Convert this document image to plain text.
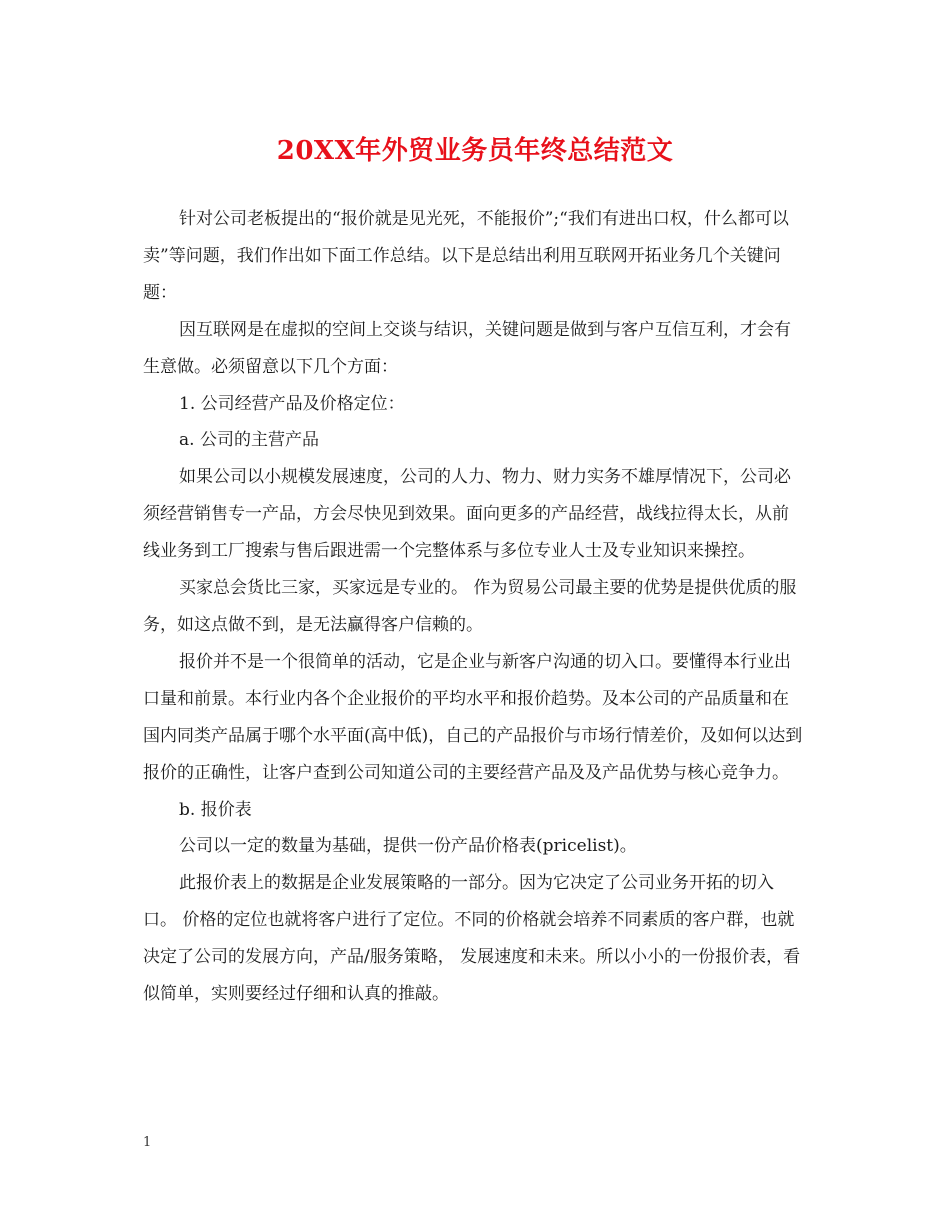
20XX年外贸业务员年终总结范文

针对公司老板提出的“报价就是见光死，不能报价”;“我们有进出口权，什么都可以卖”等问题，我们作出如下面工作总结。以下是总结出利用互联网开拓业务几个关键问题：

因互联网是在虚拟的空间上交谈与结识，关键问题是做到与客户互信互利，才会有生意做。必须留意以下几个方面：

1. 公司经营产品及价格定位：

a. 公司的主营产品

如果公司以小规模发展速度，公司的人力、物力、财力实务不雄厚情况下，公司必须经营销售专一产品，方会尽快见到效果。面向更多的产品经营，战线拉得太长，从前线业务到工厂搜索与售后跟进需一个完整体系与多位专业人士及专业知识来操控。

买家总会货比三家，买家远是专业的。 作为贸易公司最主要的优势是提供优质的服务，如这点做不到，是无法赢得客户信赖的。

报价并不是一个很简单的活动，它是企业与新客户沟通的切入口。要懂得本行业出口量和前景。本行业内各个企业报价的平均水平和报价趋势。及本公司的产品质量和在国内同类产品属于哪个水平面(高中低)，自己的产品报价与市场行情差价，及如何以达到报价的正确性，让客户查到公司知道公司的主要经营产品及及产品优势与核心竞争力。

b. 报价表

公司以一定的数量为基础，提供一份产品价格表(pricelist)。

此报价表上的数据是企业发展策略的一部分。因为它决定了公司业务开拓的切入口。 价格的定位也就将客户进行了定位。不同的价格就会培养不同素质的客户群，也就决定了公司的发展方向，产品/服务策略， 发展速度和未来。所以小小的一份报价表，看似简单，实则要经过仔细和认真的推敲。

1
